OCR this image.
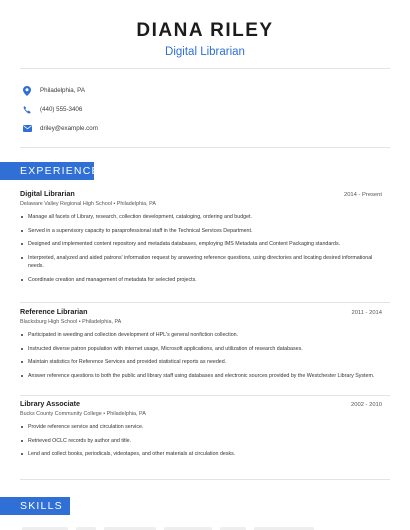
DIANA RILEY
Digital Librarian
Philadelphia, PA
(440) 555-3406
driley@example.com
EXPERIENCE
Digital Librarian	2014 - Present
Delaware Valley Regional High School • Philadelphia, PA
Manage all facets of Library, research, collection development, cataloging, ordering and budget.
Served in a supervisory capacity to paraprofessional staff in the Technical Services Department.
Designed and implemented content repository and metadata databases, employing IMS Metadata and Content Packaging standards.
Interpreted, analyzed and aided patrons' information request by answering reference questions, using directories and locating desired informational needs.
Coordinate creation and management of metadata for selected projects.
Reference Librarian	2011 - 2014
Blacksburg High School • Philadelphia, PA
Participated in weeding and collection development of HPL's general nonfiction collection.
Instructed diverse patron population with internet usage, Microsoft applications, and utilization of research databases.
Maintain statistics for Reference Services and provided statistical reports as needed.
Answer reference questions to both the public and library staff using databases and electronic sources provided by the Westchester Library System.
Library Associate	2002 - 2010
Bucks County Community College • Philadelphia, PA
Provide reference service and circulation service.
Retrieved OCLC records by author and title.
Lend and collect books, periodicals, videotapes, and other materials at circulation desks.
SKILLS
